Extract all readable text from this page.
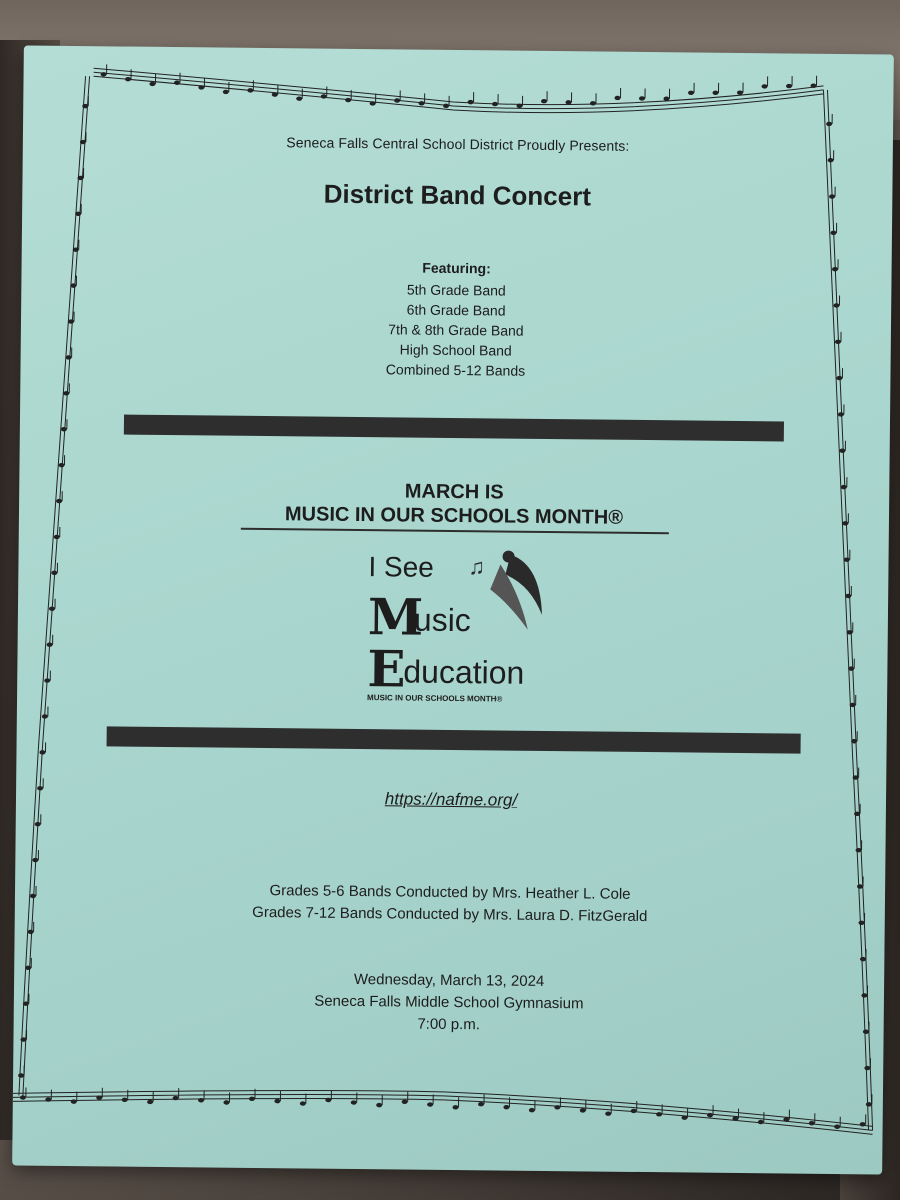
Seneca Falls Central School District Proudly Presents:
District Band Concert
Featuring:
5th Grade Band
6th Grade Band
7th & 8th Grade Band
High School Band
Combined 5-12 Bands
MARCH IS
MUSIC IN OUR SCHOOLS MONTH®
♫
I See
M
usic
E
ducation
MUSIC IN OUR SCHOOLS MONTH®
https://nafme.org/
Grades 5-6 Bands Conducted by Mrs. Heather L. Cole
Grades 7-12 Bands Conducted by Mrs. Laura D. FitzGerald
Wednesday, March 13, 2024
Seneca Falls Middle School Gymnasium
7:00 p.m.
